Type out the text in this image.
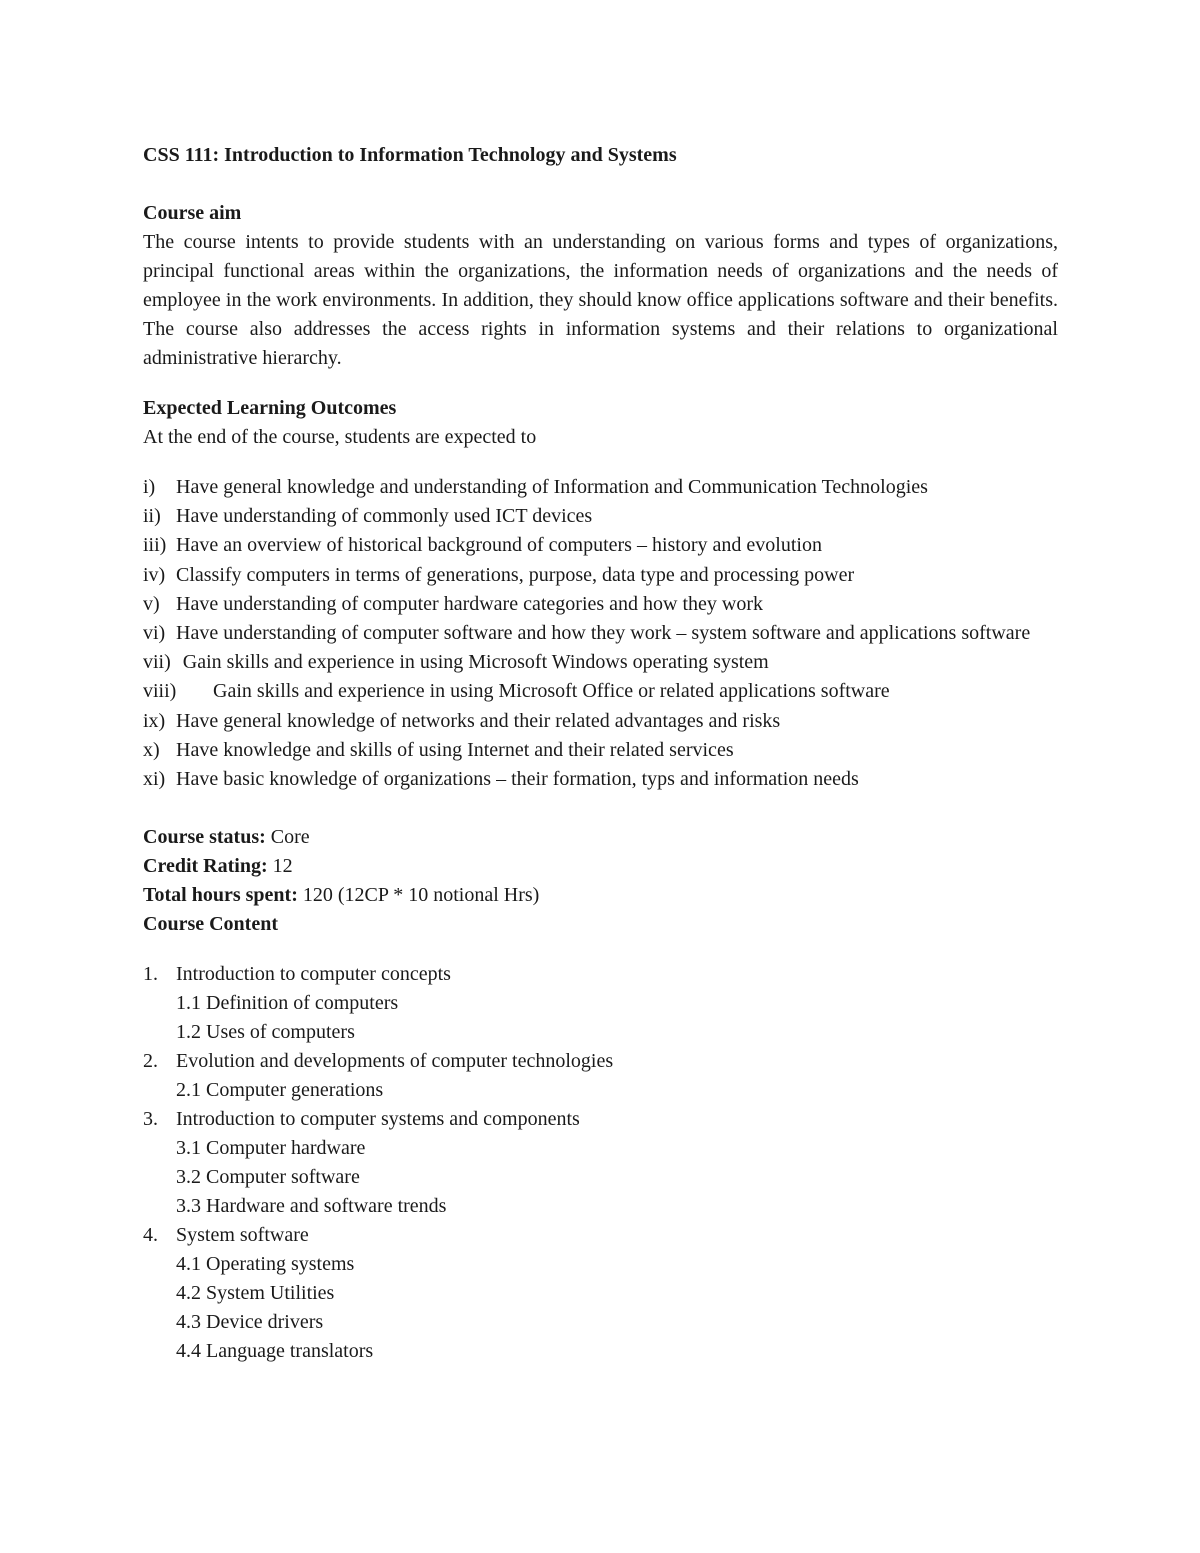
CSS 111: Introduction to Information Technology and Systems

Course aim

The course intents to provide students with an understanding on various forms and types of organizations, principal functional areas within the organizations, the information needs of organizations and the needs of employee in the work environments. In addition, they should know office applications software and their benefits. The course also addresses the access rights in information systems and their relations to organizational administrative hierarchy.

Expected Learning Outcomes

At the end of the course, students are expected to

i)	Have general knowledge and understanding of Information and Communication Technologies
ii) Have understanding of commonly used ICT devices
iii) Have an overview of historical background of computers – history and evolution
iv) Classify computers in terms of generations, purpose, data type and processing power
v) Have understanding of computer hardware categories and how they work
vi) Have understanding of computer software and how they work – system software and applications software
vii) Gain skills and experience in using Microsoft Windows operating system
viii)	Gain skills and experience in using Microsoft Office or related applications software
ix) Have general knowledge of networks and their related advantages and risks
x) Have knowledge and skills of using Internet and their related services
xi) Have basic knowledge of organizations – their formation, typs and information needs

Course status: Core

Credit Rating: 12

Total hours spent: 120 (12CP * 10 notional Hrs)

Course Content

1. Introduction to computer concepts
1.1 Definition of computers
1.2 Uses of computers
2. Evolution and developments of computer technologies
2.1 Computer generations
3. Introduction to computer systems and components
3.1 Computer hardware
3.2 Computer software
3.3 Hardware and software trends
4. System software
4.1 Operating systems
4.2 System Utilities
4.3 Device drivers
4.4 Language translators
